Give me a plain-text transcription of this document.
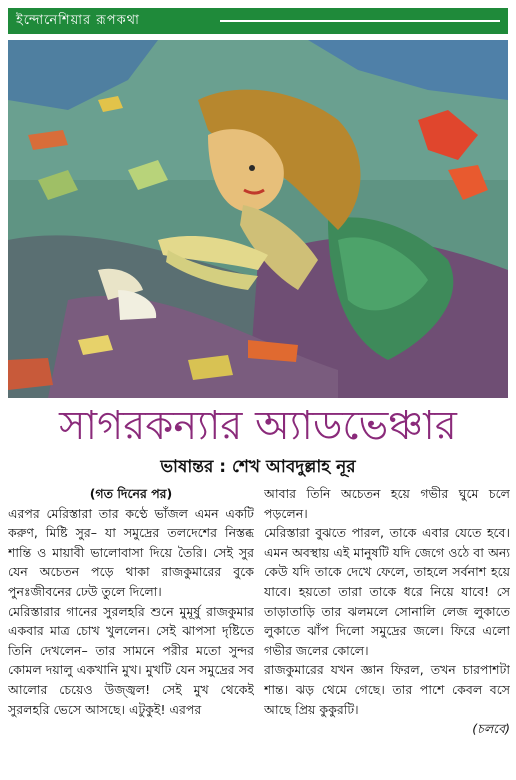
ইন্দোনেশিয়ার রূপকথা
সাগরকন্যার অ্যাডভেঞ্চার
ভাষান্তর : শেখ আবদুল্লাহ নূর

(গত দিনের পর)

এরপর মেরিস্তারা তার কণ্ঠে ভাঁজল এমন একটি করুণ, মিষ্টি সুর– যা সমুদ্রের তলদেশের নিস্তব্ধ শান্তি ও মায়াবী ভালোবাসা দিয়ে তৈরি। সেই সুর যেন অচেতন পড়ে থাকা রাজকুমারের বুকে পুনঃজীবনের ঢেউ তুলে দিলো।

মেরিস্তারার গানের সুরলহরি শুনে মুমূর্ষু রাজকুমার একবার মাত্র চোখ খুললেন। সেই ঝাপসা দৃষ্টিতে তিনি দেখলেন– তার সামনে পরীর মতো সুন্দর কোমল দয়ালু একখানি মুখ। মুখটি যেন সমুদ্রের সব আলোর চেয়েও উজ্জ্বল! সেই মুখ থেকেই সুরলহরি ভেসে আসছে। এটুকুই! এরপর

আবার তিনি অচেতন হয়ে গভীর ঘুমে চলে পড়লেন।

মেরিস্তারা বুঝতে পারল, তাকে এবার যেতে হবে। এমন অবস্থায় এই মানুষটি যদি জেগে ওঠে বা অন্য কেউ যদি তাকে দেখে ফেলে, তাহলে সর্বনাশ হয়ে যাবে। হয়তো তারা তাকে ধরে নিয়ে যাবে! সে তাড়াতাড়ি তার ঝলমলে সোনালি লেজ লুকাতে লুকাতে ঝাঁপ দিলো সমুদ্রের জলে। ফিরে এলো গভীর জলের কোলে।

রাজকুমারের যখন জ্ঞান ফিরল, তখন চারপাশটা শান্ত। ঝড় থেমে গেছে। তার পাশে কেবল বসে আছে প্রিয় কুকুরটি।

(চলবে)
